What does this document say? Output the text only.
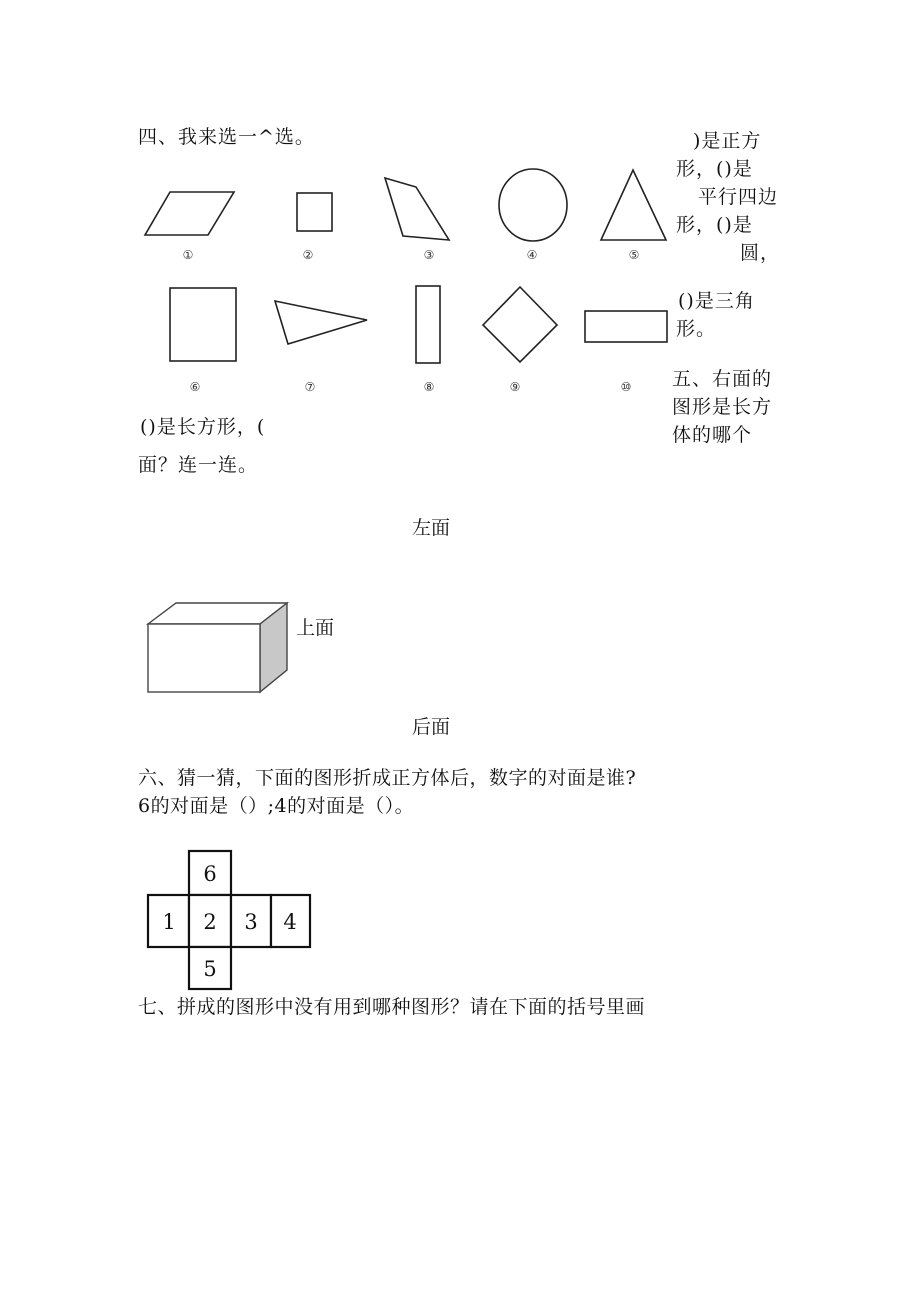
四、我来选一^选。	)是正方
形，()是
平行四边
形，()是
圆，
()是三角
形。
①	②	③	④	⑤
⑥	⑦	⑧	⑨	⑩
6
1 2 3 4
5
()是长方形，(
五、右面的
图形是长方
体的哪个
面？连一连。
左面
上面
后面
六、猜一猜，下面的图形折成正方体后，数字的对面是谁?
6的对面是（）;4的对面是（）。
七、拼成的图形中没有用到哪种图形？请在下面的括号里画
